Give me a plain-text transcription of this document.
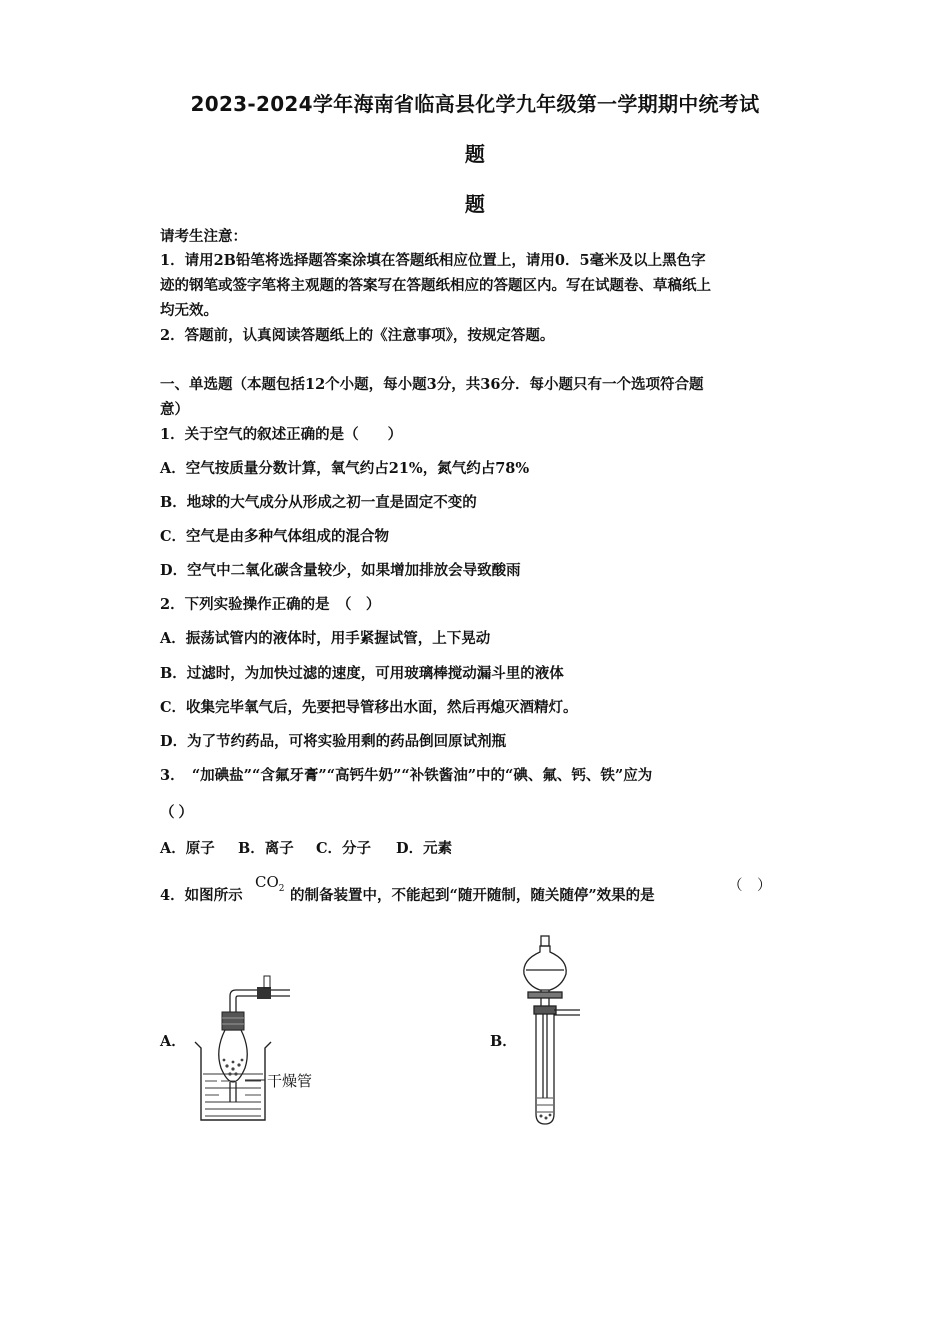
2023-2024学年海南省临高县化学九年级第一学期期中统考试
题
题
请考生注意：
1．请用2B铅笔将选择题答案涂填在答题纸相应位置上，请用0．5毫米及以上黑色字
迹的钢笔或签字笔将主观题的答案写在答题纸相应的答题区内。写在试题卷、草稿纸上
均无效。
2．答题前，认真阅读答题纸上的《注意事项》，按规定答题。
一、单选题（本题包括12个小题，每小题3分，共36分．每小题只有一个选项符合题
意）
1．关于空气的叙述正确的是（　　）
A．空气按质量分数计算，氧气约占21%，氮气约占78%
B．地球的大气成分从形成之初一直是固定不变的
C．空气是由多种气体组成的混合物
D．空气中二氧化碳含量较少，如果增加排放会导致酸雨
2．下列实验操作正确的是　（　）
A．振荡试管内的液体时，用手紧握试管，上下晃动
B．过滤时，为加快过滤的速度，可用玻璃棒搅动漏斗里的液体
C．收集完毕氧气后，先要把导管移出水面，然后再熄灭酒精灯。
D．为了节约药品，可将实验用剩的药品倒回原试剂瓶
3．　“加碘盐”“含氟牙膏”“高钙牛奶”“补铁酱油”中的“碘、氟、钙、铁”应为
（）
A．原子 B．离子 C．分子 D．元素
4．如图所示
$CO_2$ 的制备装置中，不能起到“随开随制，随关随停”效果的是
（　）
A．	B．
干燥管
